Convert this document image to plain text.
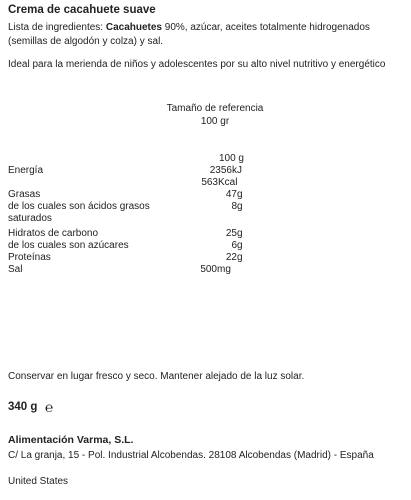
Crema de cacahuete suave
Lista de ingredientes: Cacahuetes 90%, azúcar, aceites totalmente hidrogenados (semillas de algodón y colza) y sal.
Ideal para la merienda de niños y adolescentes por su alto nivel nutritivo y energético
Tamaño de referencia
100 gr
100 g
Energía	2356 kJ
563 Kcal
Grasas	47 g
de los cuales son ácidos grasos	8 g
saturados
Hidratos de carbono	25 g
de los cuales son azúcares	6 g
Proteínas	22 g
Sal	500 mg
Conservar en lugar fresco y seco. Mantener alejado de la luz solar.
340 g ℮
Alimentación Varma, S.L.
C/ La granja, 15 - Pol. Industrial Alcobendas. 28108 Alcobendas (Madrid) - España
United States
